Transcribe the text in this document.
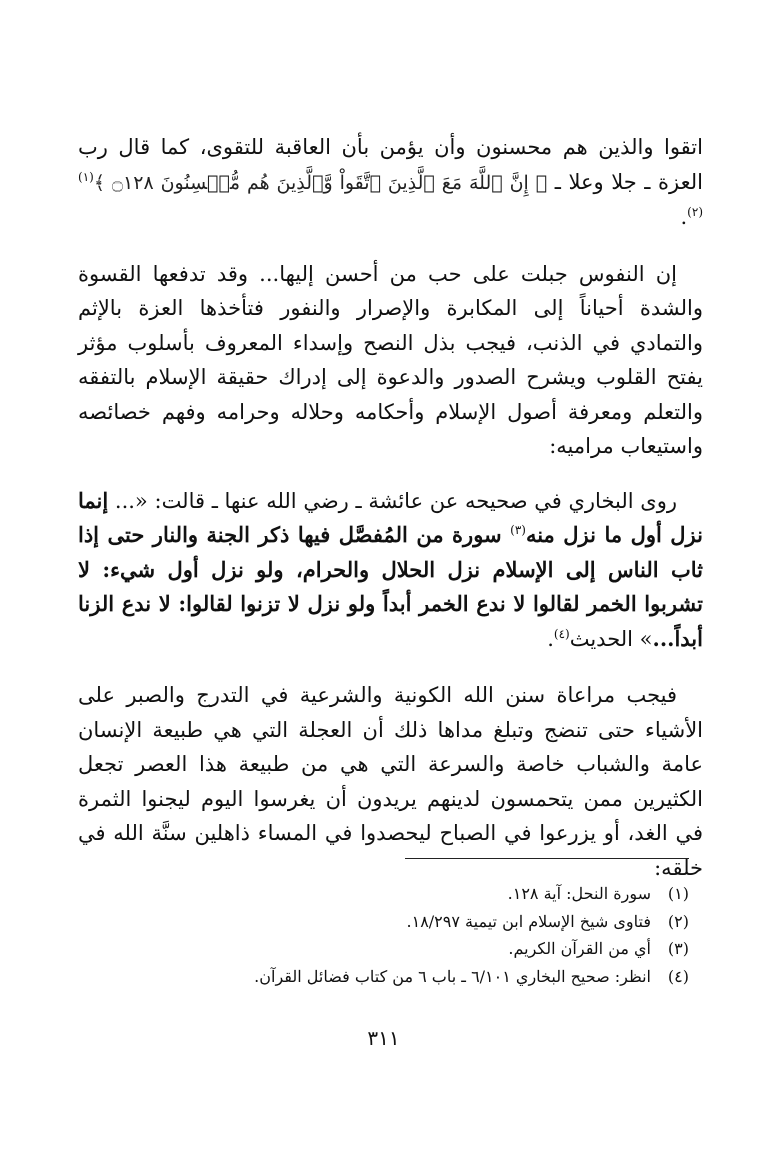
اتقوا والذين هم محسنون وأن يؤمن بأن العاقبة للتقوى، كما قال رب العزة ـ جلا وعلا ـ ﴿ إِنَّ ٱللَّهَ مَعَ ٱلَّذِينَ ٱتَّقَواْ وَّٱلَّذِينَ هُم مُّحۡسِنُونَ ۝١٢٨ ﴾$^{(١)(٢)}$.

إن النفوس جبلت على حب من أحسن إليها... وقد تدفعها القسوة والشدة أحياناً إلى المكابرة والإصرار والنفور فتأخذها العزة بالإثم والتمادي في الذنب، فيجب بذل النصح وإسداء المعروف بأسلوب مؤثر يفتح القلوب ويشرح الصدور والدعوة إلى إدراك حقيقة الإسلام بالتفقه والتعلم ومعرفة أصول الإسلام وأحكامه وحلاله وحرامه وفهم خصائصه واستيعاب مراميه:

روى البخاري في صحيحه عن عائشة ـ رضي الله عنها ـ قالت: «... إنما نزل أول ما نزل منه$^{(٣)}$ سورة من المُفصَّل فيها ذكر الجنة والنار حتى إذا ثاب الناس إلى الإسلام نزل الحلال والحرام، ولو نزل أول شيء: لا تشربوا الخمر لقالوا لا ندع الخمر أبداً ولو نزل لا تزنوا لقالوا: لا ندع الزنا أبداً...» الحديث$^{(٤)}$.

فيجب مراعاة سنن الله الكونية والشرعية في التدرج والصبر على الأشياء حتى تنضج وتبلغ مداها ذلك أن العجلة التي هي طبيعة الإنسان عامة والشباب خاصة والسرعة التي هي من طبيعة هذا العصر تجعل الكثيرين ممن يتحمسون لدينهم يريدون أن يغرسوا اليوم ليجنوا الثمرة في الغد، أو يزرعوا في الصباح ليحصدوا في المساء ذاهلين سنَّة الله في خلقه:

(١)
سورة النحل: آية ١٢٨.
(٢)
فتاوى شيخ الإسلام ابن تيمية ١٨/٢٩٧.
(٣)
أي من القرآن الكريم.
(٤)
انظر: صحيح البخاري ٦/١٠١ ـ باب ٦ من كتاب فضائل القرآن.
٣١١
